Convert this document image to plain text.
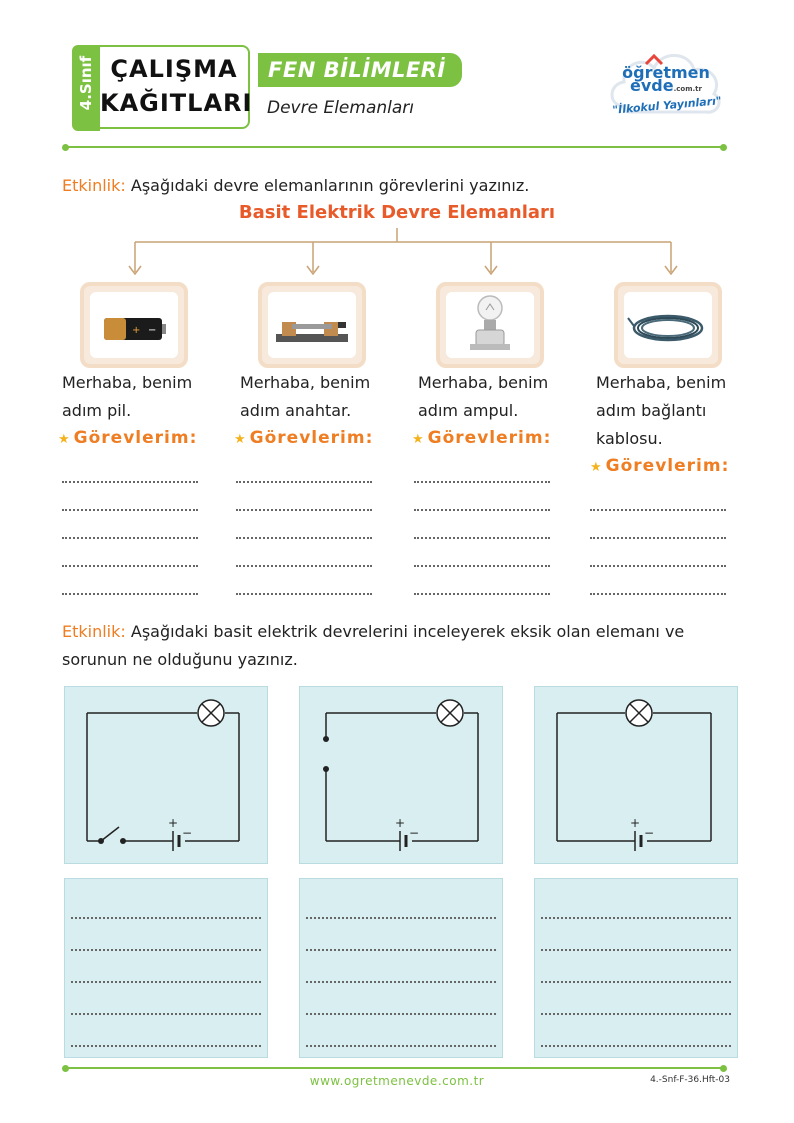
4.Sınıf ÇALIŞMA
KAĞITLARI
FEN BİLİMLERİ
Devre Elemanları
öğretmen evde.com.tr
"İlkokul Yayınları"
Etkinlik: Aşağıdaki devre elemanlarının görevlerini yazınız.
Basit Elektrik Devre Elemanları
+ −
Merhaba, benim
adım pil.
Merhaba, benim
adım anahtar.
Merhaba, benim
adım ampul.
Merhaba, benim
adım bağlantı
kablosu.
★ Görevlerim:	★ Görevlerim:	★ Görevlerim:
★ Görevlerim:
Etkinlik: Aşağıdaki basit elektrik devrelerini inceleyerek eksik olan elemanı ve
sorunun ne olduğunu yazınız.
+
−
+
−
+
−
www.ogretmenevde.com.tr	4.-Snf-F-36.Hft-03
